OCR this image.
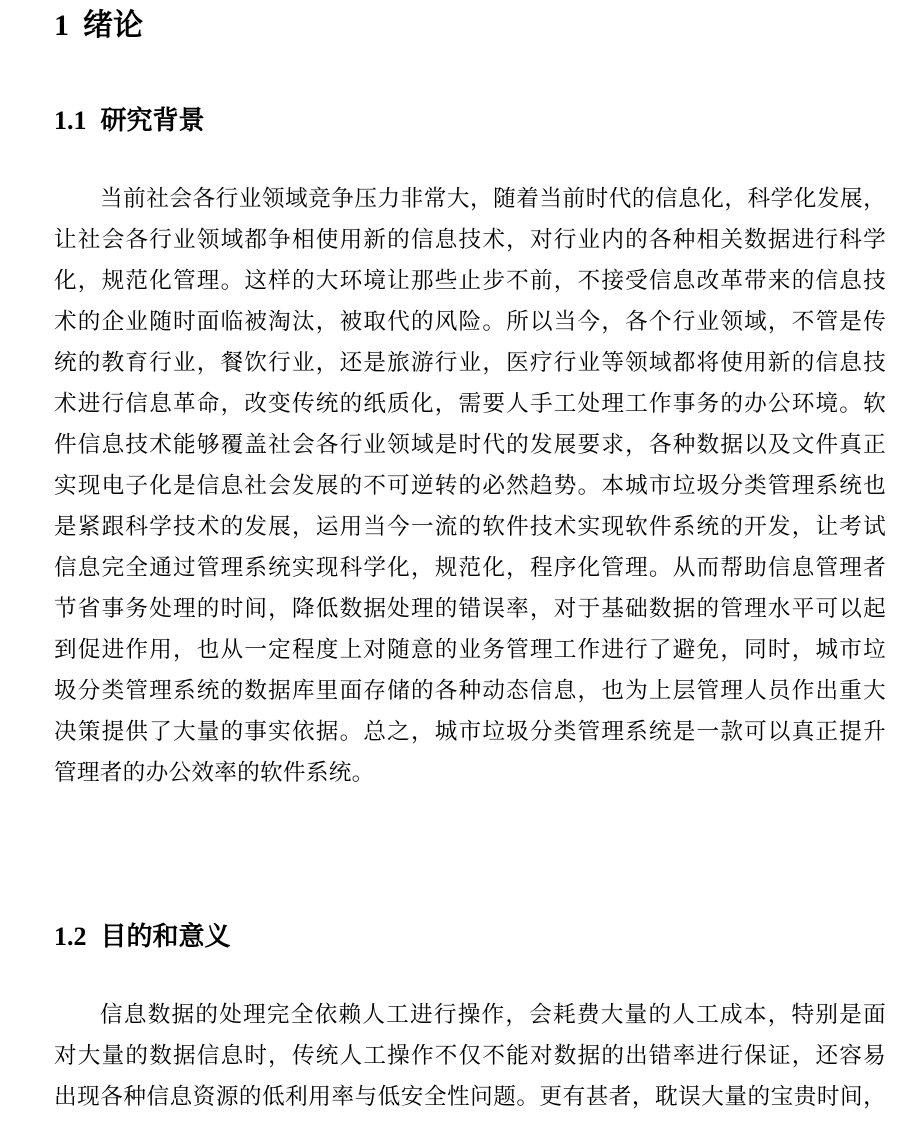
1 绪论
1.1 研究背景
当前社会各行业领域竞争压力非常大，随着当前时代的信息化，科学化发展，
让社会各行业领域都争相使用新的信息技术，对行业内的各种相关数据进行科学
化，规范化管理。这样的大环境让那些止步不前，不接受信息改革带来的信息技
术的企业随时面临被淘汰，被取代的风险。所以当今，各个行业领域，不管是传
统的教育行业，餐饮行业，还是旅游行业，医疗行业等领域都将使用新的信息技
术进行信息革命，改变传统的纸质化，需要人手工处理工作事务的办公环境。软
件信息技术能够覆盖社会各行业领域是时代的发展要求，各种数据以及文件真正
实现电子化是信息社会发展的不可逆转的必然趋势。本城市垃圾分类管理系统也
是紧跟科学技术的发展，运用当今一流的软件技术实现软件系统的开发，让考试
信息完全通过管理系统实现科学化，规范化，程序化管理。从而帮助信息管理者
节省事务处理的时间，降低数据处理的错误率，对于基础数据的管理水平可以起
到促进作用，也从一定程度上对随意的业务管理工作进行了避免，同时，城市垃
圾分类管理系统的数据库里面存储的各种动态信息，也为上层管理人员作出重大
决策提供了大量的事实依据。总之，城市垃圾分类管理系统是一款可以真正提升
管理者的办公效率的软件系统。
1.2 目的和意义
信息数据的处理完全依赖人工进行操作，会耗费大量的人工成本，特别是面
对大量的数据信息时，传统人工操作不仅不能对数据的出错率进行保证，还容易
出现各种信息资源的低利用率与低安全性问题。更有甚者，耽误大量的宝贵时间，
